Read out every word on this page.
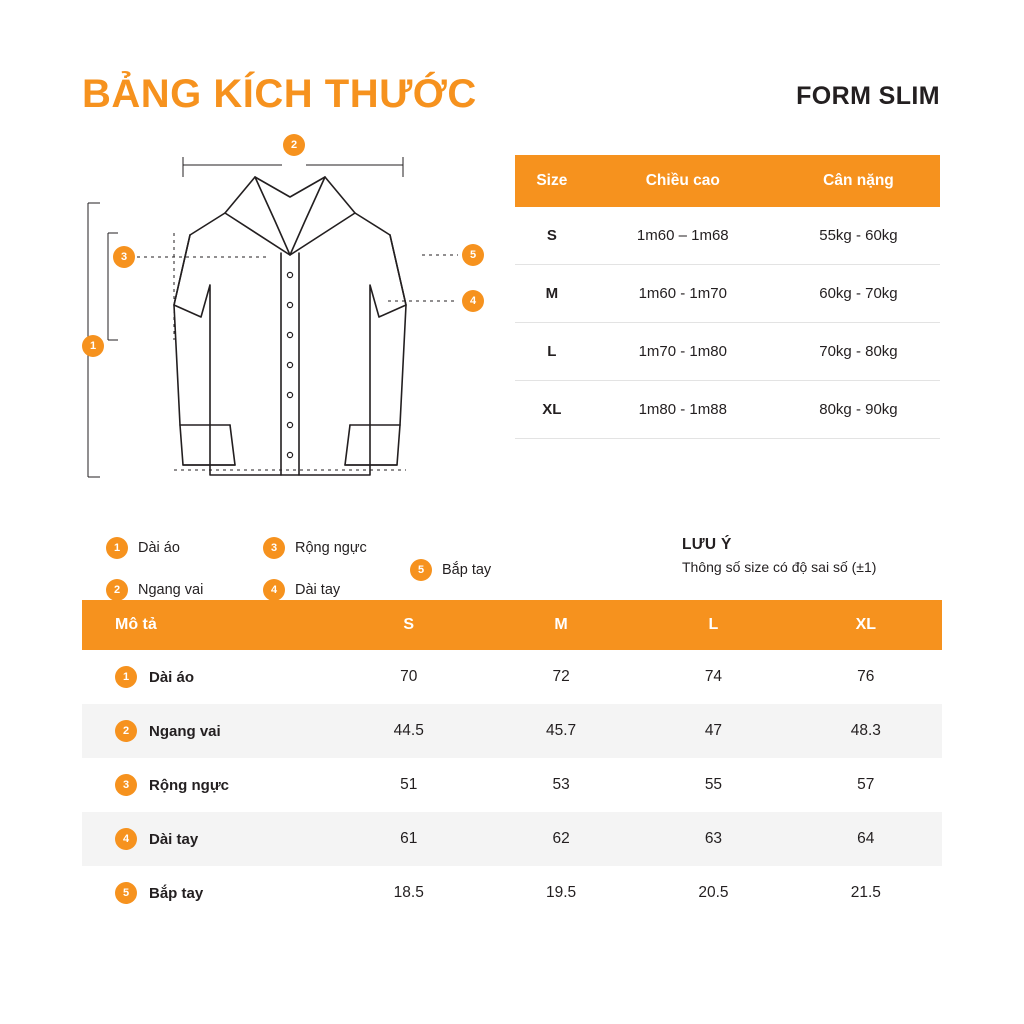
BẢNG KÍCH THƯỚC	FORM SLIM
2
3
1
5
4
1	Dài áo
2	Ngang vai
3	Rộng ngực
4	Dài tay
5	Bắp tay
Size	Chiều cao	Cân nặng
S	1m60 – 1m68	55kg - 60kg
M	1m60 - 1m70	60kg - 70kg
L	1m70 - 1m80	70kg - 80kg
XL	1m80 - 1m88	80kg - 90kg
LƯU Ý
Thông số size có độ sai số (±1)
Mô tả	S	M	L	XL

1 Dài áo	70	72	74	76

2 Ngang vai	44.5	45.7	47	48.3

3 Rộng ngực	51	53	55	57

4 Dài tay	61	62	63	64

5 Bắp tay	18.5	19.5	20.5	21.5
